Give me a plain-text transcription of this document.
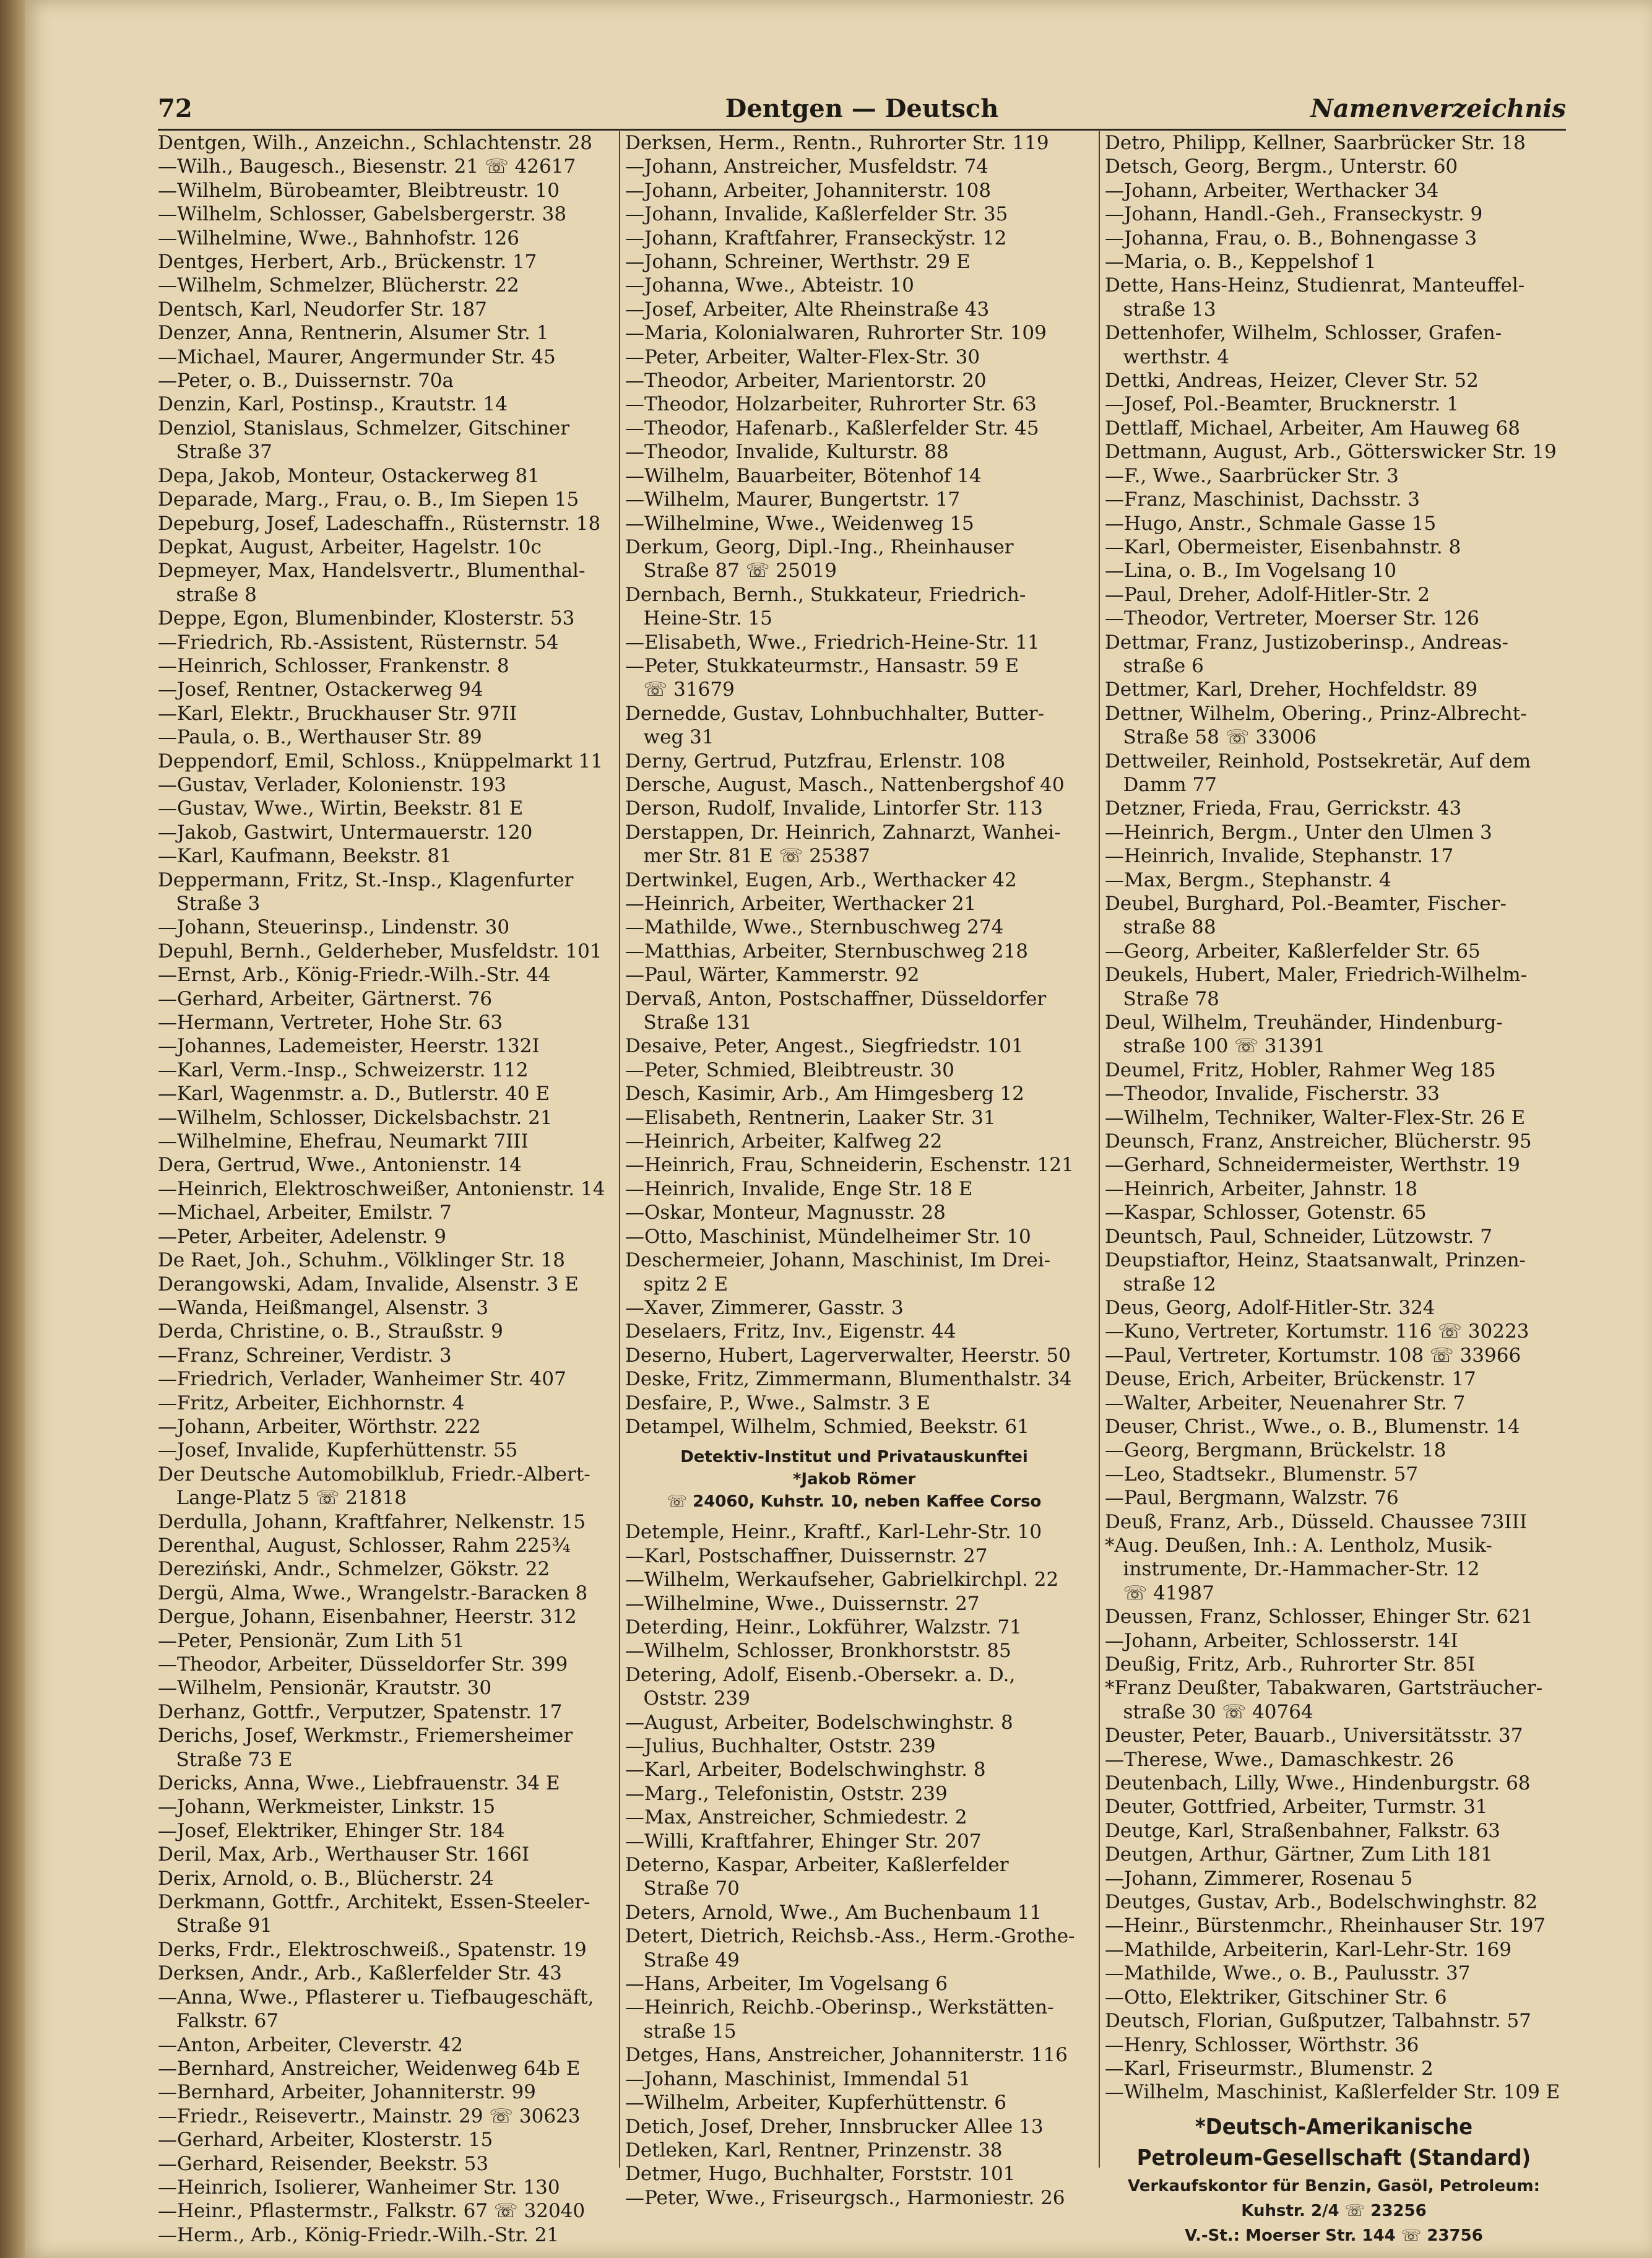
72	Dentgen — Deutsch	Namenverzeichnis
Dentgen, Wilh., Anzeichn., Schlachtenstr. 28
—Wilh., Baugesch., Biesenstr. 21 ☏ 42617
—Wilhelm, Bürobeamter, Bleibtreustr. 10
—Wilhelm, Schlosser, Gabelsbergerstr. 38
—Wilhelmine, Wwe., Bahnhofstr. 126
Dentges, Herbert, Arb., Brückenstr. 17
—Wilhelm, Schmelzer, Blücherstr. 22
Dentsch, Karl, Neudorfer Str. 187
Denzer, Anna, Rentnerin, Alsumer Str. 1
—Michael, Maurer, Angermunder Str. 45
—Peter, o. B., Duissernstr. 70a
Denzin, Karl, Postinsp., Krautstr. 14
Denziol, Stanislaus, Schmelzer, Gitschiner
Straße 37
Depa, Jakob, Monteur, Ostackerweg 81
Deparade, Marg., Frau, o. B., Im Siepen 15
Depeburg, Josef, Ladeschaffn., Rüsternstr. 18
Depkat, August, Arbeiter, Hagelstr. 10c
Depmeyer, Max, Handelsvertr., Blumenthal-
straße 8
Deppe, Egon, Blumenbinder, Klosterstr. 53
—Friedrich, Rb.-Assistent, Rüsternstr. 54
—Heinrich, Schlosser, Frankenstr. 8
—Josef, Rentner, Ostackerweg 94
—Karl, Elektr., Bruckhauser Str. 97II
—Paula, o. B., Werthauser Str. 89
Deppendorf, Emil, Schloss., Knüppelmarkt 11
—Gustav, Verlader, Kolonienstr. 193
—Gustav, Wwe., Wirtin, Beekstr. 81 E
—Jakob, Gastwirt, Untermauerstr. 120
—Karl, Kaufmann, Beekstr. 81
Deppermann, Fritz, St.-Insp., Klagenfurter
Straße 3
—Johann, Steuerinsp., Lindenstr. 30
Depuhl, Bernh., Gelderheber, Musfeldstr. 101
—Ernst, Arb., König-Friedr.-Wilh.-Str. 44
—Gerhard, Arbeiter, Gärtnerst. 76
—Hermann, Vertreter, Hohe Str. 63
—Johannes, Lademeister, Heerstr. 132I
—Karl, Verm.-Insp., Schweizerstr. 112
—Karl, Wagenmstr. a. D., Butlerstr. 40 E
—Wilhelm, Schlosser, Dickelsbachstr. 21
—Wilhelmine, Ehefrau, Neumarkt 7III
Dera, Gertrud, Wwe., Antonienstr. 14
—Heinrich, Elektroschweißer, Antonienstr. 14
—Michael, Arbeiter, Emilstr. 7
—Peter, Arbeiter, Adelenstr. 9
De Raet, Joh., Schuhm., Völklinger Str. 18
Derangowski, Adam, Invalide, Alsenstr. 3 E
—Wanda, Heißmangel, Alsenstr. 3
Derda, Christine, o. B., Straußstr. 9
—Franz, Schreiner, Verdistr. 3
—Friedrich, Verlader, Wanheimer Str. 407
—Fritz, Arbeiter, Eichhornstr. 4
—Johann, Arbeiter, Wörthstr. 222
—Josef, Invalide, Kupferhüttenstr. 55
Der Deutsche Automobilklub, Friedr.-Albert-
Lange-Platz 5 ☏ 21818
Derdulla, Johann, Kraftfahrer, Nelkenstr. 15
Derenthal, August, Schlosser, Rahm 225¾
Dereziński, Andr., Schmelzer, Gökstr. 22
Dergü, Alma, Wwe., Wrangelstr.-Baracken 8
Dergue, Johann, Eisenbahner, Heerstr. 312
—Peter, Pensionär, Zum Lith 51
—Theodor, Arbeiter, Düsseldorfer Str. 399
—Wilhelm, Pensionär, Krautstr. 30
Derhanz, Gottfr., Verputzer, Spatenstr. 17
Derichs, Josef, Werkmstr., Friemersheimer
Straße 73 E
Dericks, Anna, Wwe., Liebfrauenstr. 34 E
—Johann, Werkmeister, Linkstr. 15
—Josef, Elektriker, Ehinger Str. 184
Deril, Max, Arb., Werthauser Str. 166I
Derix, Arnold, o. B., Blücherstr. 24
Derkmann, Gottfr., Architekt, Essen-Steeler-
Straße 91
Derks, Frdr., Elektroschweiß., Spatenstr. 19
Derksen, Andr., Arb., Kaßlerfelder Str. 43
—Anna, Wwe., Pflasterer u. Tiefbaugeschäft,
Falkstr. 67
—Anton, Arbeiter, Cleverstr. 42
—Bernhard, Anstreicher, Weidenweg 64b E
—Bernhard, Arbeiter, Johanniterstr. 99
—Friedr., Reisevertr., Mainstr. 29 ☏ 30623
—Gerhard, Arbeiter, Klosterstr. 15
—Gerhard, Reisender, Beekstr. 53
—Heinrich, Isolierer, Wanheimer Str. 130
—Heinr., Pflastermstr., Falkstr. 67 ☏ 32040
—Herm., Arb., König-Friedr.-Wilh.-Str. 21
Derksen, Herm., Rentn., Ruhrorter Str. 119
—Johann, Anstreicher, Musfeldstr. 74
—Johann, Arbeiter, Johanniterstr. 108
—Johann, Invalide, Kaßlerfelder Str. 35
—Johann, Kraftfahrer, Fransecky̆str. 12
—Johann, Schreiner, Werthstr. 29 E
—Johanna, Wwe., Abteistr. 10
—Josef, Arbeiter, Alte Rheinstraße 43
—Maria, Kolonialwaren, Ruhrorter Str. 109
—Peter, Arbeiter, Walter-Flex-Str. 30
—Theodor, Arbeiter, Marientorstr. 20
—Theodor, Holzarbeiter, Ruhrorter Str. 63
—Theodor, Hafenarb., Kaßlerfelder Str. 45
—Theodor, Invalide, Kulturstr. 88
—Wilhelm, Bauarbeiter, Bötenhof 14
—Wilhelm, Maurer, Bungertstr. 17
—Wilhelmine, Wwe., Weidenweg 15
Derkum, Georg, Dipl.-Ing., Rheinhauser
Straße 87 ☏ 25019
Dernbach, Bernh., Stukkateur, Friedrich-
Heine-Str. 15
—Elisabeth, Wwe., Friedrich-Heine-Str. 11
—Peter, Stukkateurmstr., Hansastr. 59 E
☏ 31679
Dernedde, Gustav, Lohnbuchhalter, Butter-
weg 31
Derny, Gertrud, Putzfrau, Erlenstr. 108
Dersche, August, Masch., Nattenbergshof 40
Derson, Rudolf, Invalide, Lintorfer Str. 113
Derstappen, Dr. Heinrich, Zahnarzt, Wanhei-
mer Str. 81 E ☏ 25387
Dertwinkel, Eugen, Arb., Werthacker 42
—Heinrich, Arbeiter, Werthacker 21
—Mathilde, Wwe., Sternbuschweg 274
—Matthias, Arbeiter, Sternbuschweg 218
—Paul, Wärter, Kammerstr. 92
Dervaß, Anton, Postschaffner, Düsseldorfer
Straße 131
Desaive, Peter, Angest., Siegfriedstr. 101
—Peter, Schmied, Bleibtreustr. 30
Desch, Kasimir, Arb., Am Himgesberg 12
—Elisabeth, Rentnerin, Laaker Str. 31
—Heinrich, Arbeiter, Kalfweg 22
—Heinrich, Frau, Schneiderin, Eschenstr. 121
—Heinrich, Invalide, Enge Str. 18 E
—Oskar, Monteur, Magnusstr. 28
—Otto, Maschinist, Mündelheimer Str. 10
Deschermeier, Johann, Maschinist, Im Drei-
spitz 2 E
—Xaver, Zimmerer, Gasstr. 3
Deselaers, Fritz, Inv., Eigenstr. 44
Deserno, Hubert, Lagerverwalter, Heerstr. 50
Deske, Fritz, Zimmermann, Blumenthalstr. 34
Desfaire, P., Wwe., Salmstr. 3 E
Detampel, Wilhelm, Schmied, Beekstr. 61
Detektiv-Institut und Privatauskunftei
*Jakob Römer
☏ 24060, Kuhstr. 10, neben Kaffee Corso
Detemple, Heinr., Kraftf., Karl-Lehr-Str. 10
—Karl, Postschaffner, Duissernstr. 27
—Wilhelm, Werkaufseher, Gabrielkirchpl. 22
—Wilhelmine, Wwe., Duissernstr. 27
Deterding, Heinr., Lokführer, Walzstr. 71
—Wilhelm, Schlosser, Bronkhorststr. 85
Detering, Adolf, Eisenb.-Obersekr. a. D.,
Oststr. 239
—August, Arbeiter, Bodelschwinghstr. 8
—Julius, Buchhalter, Oststr. 239
—Karl, Arbeiter, Bodelschwinghstr. 8
—Marg., Telefonistin, Oststr. 239
—Max, Anstreicher, Schmiedestr. 2
—Willi, Kraftfahrer, Ehinger Str. 207
Deterno, Kaspar, Arbeiter, Kaßlerfelder
Straße 70
Deters, Arnold, Wwe., Am Buchenbaum 11
Detert, Dietrich, Reichsb.-Ass., Herm.-Grothe-
Straße 49
—Hans, Arbeiter, Im Vogelsang 6
—Heinrich, Reichb.-Oberinsp., Werkstätten-
straße 15
Detges, Hans, Anstreicher, Johanniterstr. 116
—Johann, Maschinist, Immendal 51
—Wilhelm, Arbeiter, Kupferhüttenstr. 6
Detich, Josef, Dreher, Innsbrucker Allee 13
Detleken, Karl, Rentner, Prinzenstr. 38
Detmer, Hugo, Buchhalter, Forststr. 101
—Peter, Wwe., Friseurgsch., Harmoniestr. 26
Detro, Philipp, Kellner, Saarbrücker Str. 18
Detsch, Georg, Bergm., Unterstr. 60
—Johann, Arbeiter, Werthacker 34
—Johann, Handl.-Geh., Franseckystr. 9
—Johanna, Frau, o. B., Bohnengasse 3
—Maria, o. B., Keppelshof 1
Dette, Hans-Heinz, Studienrat, Manteuffel-
straße 13
Dettenhofer, Wilhelm, Schlosser, Grafen-
werthstr. 4
Dettki, Andreas, Heizer, Clever Str. 52
—Josef, Pol.-Beamter, Brucknerstr. 1
Dettlaff, Michael, Arbeiter, Am Hauweg 68
Dettmann, August, Arb., Götterswicker Str. 19
—F., Wwe., Saarbrücker Str. 3
—Franz, Maschinist, Dachsstr. 3
—Hugo, Anstr., Schmale Gasse 15
—Karl, Obermeister, Eisenbahnstr. 8
—Lina, o. B., Im Vogelsang 10
—Paul, Dreher, Adolf-Hitler-Str. 2
—Theodor, Vertreter, Moerser Str. 126
Dettmar, Franz, Justizoberinsp., Andreas-
straße 6
Dettmer, Karl, Dreher, Hochfeldstr. 89
Dettner, Wilhelm, Obering., Prinz-Albrecht-
Straße 58 ☏ 33006
Dettweiler, Reinhold, Postsekretär, Auf dem
Damm 77
Detzner, Frieda, Frau, Gerrickstr. 43
—Heinrich, Bergm., Unter den Ulmen 3
—Heinrich, Invalide, Stephanstr. 17
—Max, Bergm., Stephanstr. 4
Deubel, Burghard, Pol.-Beamter, Fischer-
straße 88
—Georg, Arbeiter, Kaßlerfelder Str. 65
Deukels, Hubert, Maler, Friedrich-Wilhelm-
Straße 78
Deul, Wilhelm, Treuhänder, Hindenburg-
straße 100 ☏ 31391
Deumel, Fritz, Hobler, Rahmer Weg 185
—Theodor, Invalide, Fischerstr. 33
—Wilhelm, Techniker, Walter-Flex-Str. 26 E
Deunsch, Franz, Anstreicher, Blücherstr. 95
—Gerhard, Schneidermeister, Werthstr. 19
—Heinrich, Arbeiter, Jahnstr. 18
—Kaspar, Schlosser, Gotenstr. 65
Deuntsch, Paul, Schneider, Lützowstr. 7
Deupstiaftor, Heinz, Staatsanwalt, Prinzen-
straße 12
Deus, Georg, Adolf-Hitler-Str. 324
—Kuno, Vertreter, Kortumstr. 116 ☏ 30223
—Paul, Vertreter, Kortumstr. 108 ☏ 33966
Deuse, Erich, Arbeiter, Brückenstr. 17
—Walter, Arbeiter, Neuenahrer Str. 7
Deuser, Christ., Wwe., o. B., Blumenstr. 14
—Georg, Bergmann, Brückelstr. 18
—Leo, Stadtsekr., Blumenstr. 57
—Paul, Bergmann, Walzstr. 76
Deuß, Franz, Arb., Düsseld. Chaussee 73III
*Aug. Deußen, Inh.: A. Lentholz, Musik-
instrumente, Dr.-Hammacher-Str. 12
☏ 41987
Deussen, Franz, Schlosser, Ehinger Str. 621
—Johann, Arbeiter, Schlosserstr. 14I
Deußig, Fritz, Arb., Ruhrorter Str. 85I
*Franz Deußter, Tabakwaren, Gartsträucher-
straße 30 ☏ 40764
Deuster, Peter, Bauarb., Universitätsstr. 37
—Therese, Wwe., Damaschkestr. 26
Deutenbach, Lilly, Wwe., Hindenburgstr. 68
Deuter, Gottfried, Arbeiter, Turmstr. 31
Deutge, Karl, Straßenbahner, Falkstr. 63
Deutgen, Arthur, Gärtner, Zum Lith 181
—Johann, Zimmerer, Rosenau 5
Deutges, Gustav, Arb., Bodelschwinghstr. 82
—Heinr., Bürstenmchr., Rheinhauser Str. 197
—Mathilde, Arbeiterin, Karl-Lehr-Str. 169
—Mathilde, Wwe., o. B., Paulusstr. 37
—Otto, Elektriker, Gitschiner Str. 6
Deutsch, Florian, Gußputzer, Talbahnstr. 57
—Henry, Schlosser, Wörthstr. 36
—Karl, Friseurmstr., Blumenstr. 2
—Wilhelm, Maschinist, Kaßlerfelder Str. 109 E
*Deutsch-Amerikanische
Petroleum-Gesellschaft (Standard)
Verkaufskontor für Benzin, Gasöl, Petroleum:
Kuhstr. 2/4 ☏ 23256
V.-St.: Moerser Str. 144 ☏ 23756
